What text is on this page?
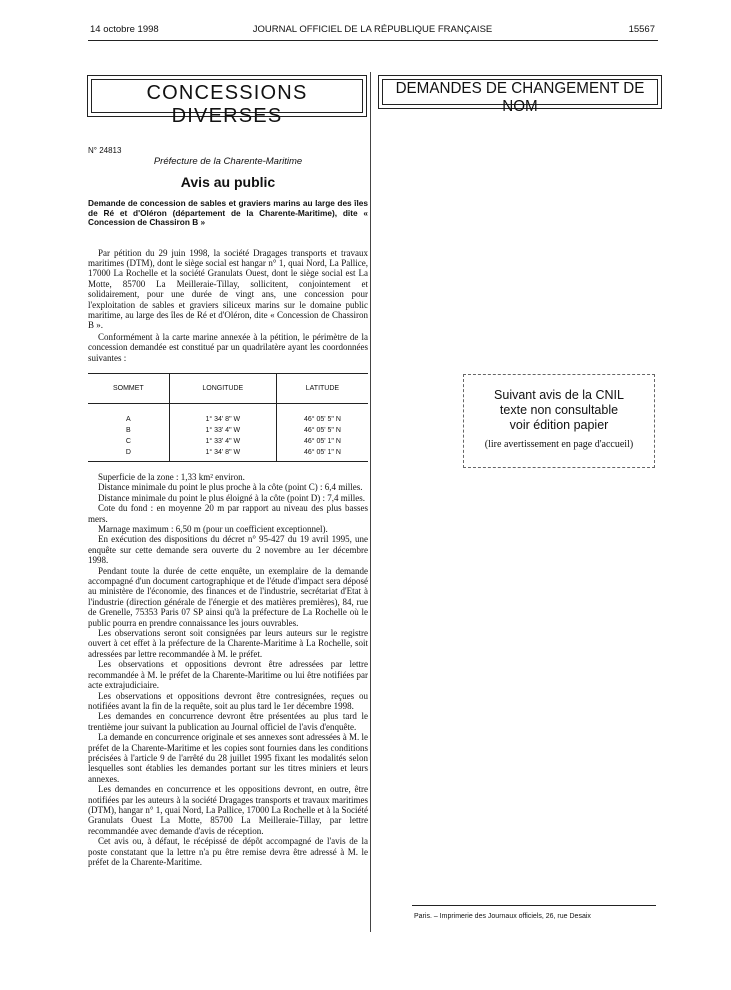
14 octobre 1998	JOURNAL OFFICIEL DE LA RÉPUBLIQUE FRANÇAISE	15567
CONCESSIONS DIVERSES
DEMANDES DE CHANGEMENT DE NOM
N° 24813
Préfecture de la Charente-Maritime
Avis au public
Demande de concession de sables et graviers marins au large des îles de Ré et d'Oléron (département de la Charente-Maritime), dite « Concession de Chassiron B »

Par pétition du 29 juin 1998, la société Dragages transports et travaux maritimes (DTM), dont le siège social est hangar n° 1, quai Nord, La Pallice, 17000 La Rochelle et la société Granulats Ouest, dont le siège social est La Motte, 85700 La Meilleraie-Tillay, sollicitent, conjointement et solidairement, pour une durée de vingt ans, une concession pour l'exploitation de sables et graviers siliceux marins sur le domaine public maritime, au large des îles de Ré et d'Oléron, dite « Concession de Chassiron B ».

Conformément à la carte marine annexée à la pétition, le périmètre de la concession demandée est constitué par un quadrilatère ayant les coordonnées suivantes :

SOMMET	LONGITUDE	LATITUDE

A	1° 34' 8" W	46° 05' 5" N
B	1° 33' 4" W	46° 05' 5" N
C	1° 33' 4" W	46° 05' 1" N
D	1° 34' 8" W	46° 05' 1" N

Superficie de la zone : 1,33 km² environ.

Distance minimale du point le plus proche à la côte (point C) : 6,4 milles.

Distance minimale du point le plus éloigné à la côte (point D) : 7,4 milles.

Cote du fond : en moyenne 20 m par rapport au niveau des plus basses mers.

Marnage maximum : 6,50 m (pour un coefficient exceptionnel).

En exécution des dispositions du décret n° 95-427 du 19 avril 1995, une enquête sur cette demande sera ouverte du 2 novembre au 1er décembre 1998.

Pendant toute la durée de cette enquête, un exemplaire de la demande accompagné d'un document cartographique et de l'étude d'impact sera déposé au ministère de l'économie, des finances et de l'industrie, secrétariat d'Etat à l'industrie (direction générale de l'énergie et des matières premières), 84, rue de Grenelle, 75353 Paris 07 SP ainsi qu'à la préfecture de La Rochelle où le public pourra en prendre connaissance les jours ouvrables.

Les observations seront soit consignées par leurs auteurs sur le registre ouvert à cet effet à la préfecture de la Charente-Maritime à La Rochelle, soit adressées par lettre recommandée à M. le préfet.

Les observations et oppositions devront être adressées par lettre recommandée à M. le préfet de la Charente-Maritime ou lui être notifiées par acte extrajudiciaire.

Les observations et oppositions devront être contresignées, reçues ou notifiées avant la fin de la requête, soit au plus tard le 1er décembre 1998.

Les demandes en concurrence devront être présentées au plus tard le trentième jour suivant la publication au Journal officiel de l'avis d'enquête.

La demande en concurrence originale et ses annexes sont adressées à M. le préfet de la Charente-Maritime et les copies sont fournies dans les conditions précisées à l'article 9 de l'arrêté du 28 juillet 1995 fixant les modalités selon lesquelles sont établies les demandes portant sur les titres miniers et leurs annexes.

Les demandes en concurrence et les oppositions devront, en outre, être notifiées par les auteurs à la société Dragages transports et travaux maritimes (DTM), hangar n° 1, quai Nord, La Pallice, 17000 La Rochelle et à la Société Granulats Ouest La Motte, 85700 La Meilleraie-Tillay, par lettre recommandée avec demande d'avis de réception.

Cet avis ou, à défaut, le récépissé de dépôt accompagné de l'avis de la poste constatant que la lettre n'a pu être remise devra être adressé à M. le préfet de la Charente-Maritime.

Suivant avis de la CNIL
texte non consultable
voir édition papier
(lire avertissement en page d'accueil)
Paris. – Imprimerie des Journaux officiels, 26, rue Desaix
